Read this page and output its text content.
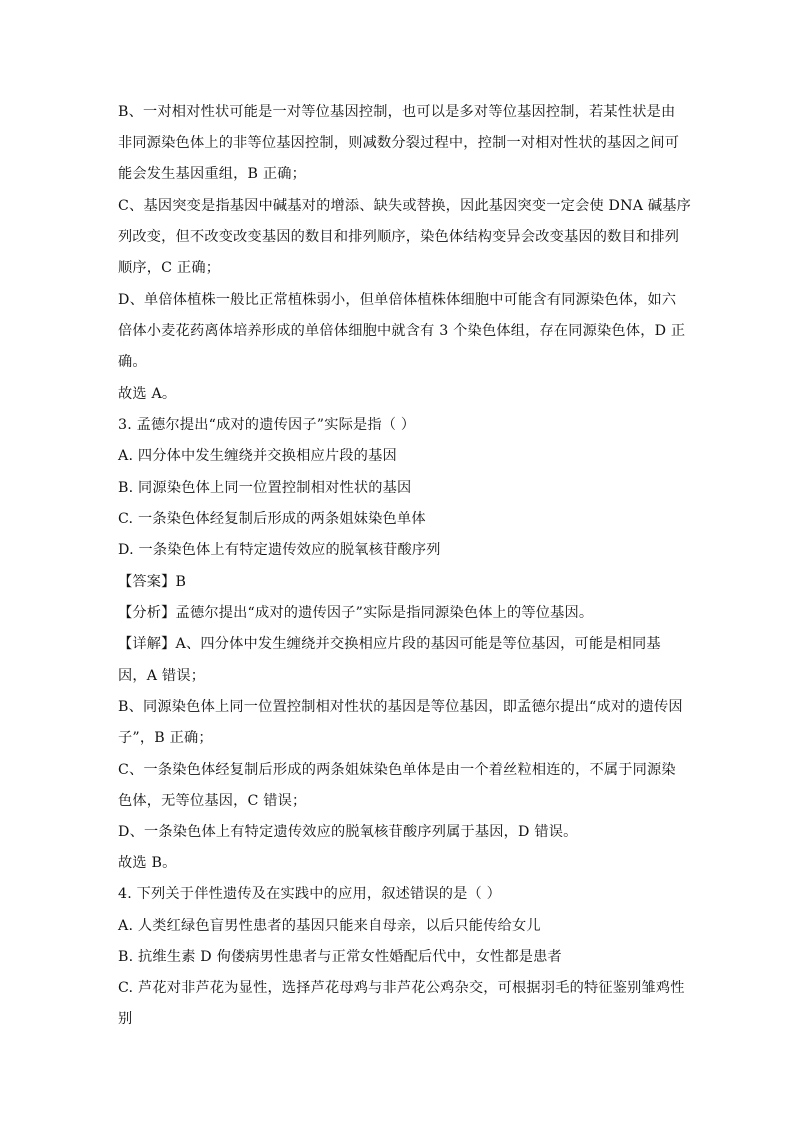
B、一对相对性状可能是一对等位基因控制，也可以是多对等位基因控制，若某性状是由
非同源染色体上的非等位基因控制，则减数分裂过程中，控制一对相对性状的基因之间可
能会发生基因重组，B 正确；
C、基因突变是指基因中碱基对的增添、缺失或替换，因此基因突变一定会使 DNA 碱基序
列改变，但不改变改变基因的数目和排列顺序，染色体结构变异会改变基因的数目和排列
顺序，C 正确；
D、单倍体植株一般比正常植株弱小，但单倍体植株体细胞中可能含有同源染色体，如六
倍体小麦花药离体培养形成的单倍体细胞中就含有 3 个染色体组，存在同源染色体，D 正
确。
故选 A。
3. 孟德尔提出“成对的遗传因子”实际是指（ ）
A. 四分体中发生缠绕并交换相应片段的基因
B. 同源染色体上同一位置控制相对性状的基因
C. 一条染色体经复制后形成的两条姐妹染色单体
D. 一条染色体上有特定遗传效应的脱氧核苷酸序列
【答案】B
【分析】孟德尔提出“成对的遗传因子”实际是指同源染色体上的等位基因。
【详解】A、四分体中发生缠绕并交换相应片段的基因可能是等位基因，可能是相同基
因，A 错误；
B、同源染色体上同一位置控制相对性状的基因是等位基因，即孟德尔提出“成对的遗传因
子”，B 正确；
C、一条染色体经复制后形成的两条姐妹染色单体是由一个着丝粒相连的，不属于同源染
色体，无等位基因，C 错误；
D、一条染色体上有特定遗传效应的脱氧核苷酸序列属于基因，D 错误。
故选 B。
4. 下列关于伴性遗传及在实践中的应用，叙述错误的是（ ）
A. 人类红绿色盲男性患者的基因只能来自母亲，以后只能传给女儿
B. 抗维生素 D 佝偻病男性患者与正常女性婚配后代中，女性都是患者
C. 芦花对非芦花为显性，选择芦花母鸡与非芦花公鸡杂交，可根据羽毛的特征鉴别雏鸡性
别
